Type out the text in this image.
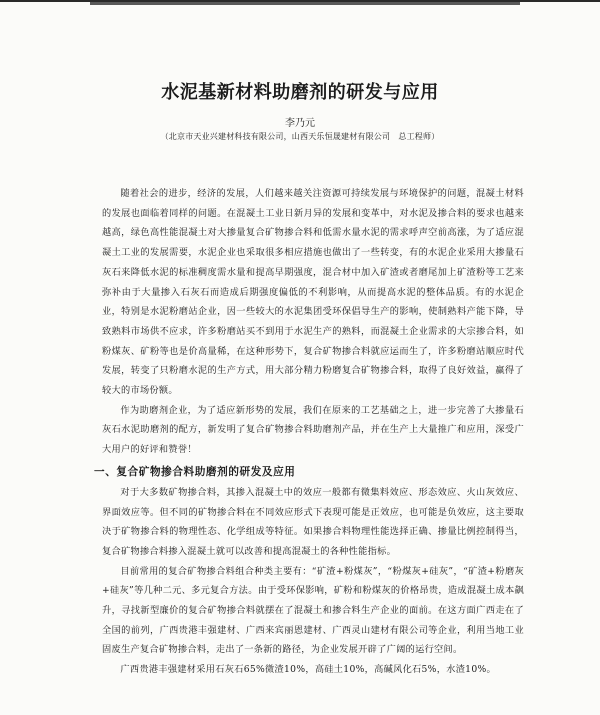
水泥基新材料助磨剂的研发与应用
李乃元
（北京市天业兴建材科技有限公司，山西天乐恒晟建材有限公司　总工程师）

随着社会的进步，经济的发展，人们越来越关注资源可持续发展与环境保护的问题，混凝土材料的发展也面临着同样的问题。在混凝土工业日新月异的发展和变革中，对水泥及掺合料的要求也越来越高，绿色高性能混凝土对大掺量复合矿物掺合料和低需水量水泥的需求呼声空前高涨，为了适应混凝土工业的发展需要，水泥企业也采取很多相应措施也做出了一些转变，有的水泥企业采用大掺量石灰石来降低水泥的标准稠度需水量和提高早期强度，混合材中加入矿渣或者磨尾加上矿渣粉等工艺来弥补由于大量掺入石灰石而造成后期强度偏低的不利影响，从而提高水泥的整体品质。有的水泥企业，特别是水泥粉磨站企业，因一些较大的水泥集团受环保倡导生产的影响，使制熟料产能下降，导致熟料市场供不应求，许多粉磨站买不到用于水泥生产的熟料，而混凝土企业需求的大宗掺合料，如粉煤灰、矿粉等也是价高量稀，在这种形势下，复合矿物掺合料就应运而生了，许多粉磨站顺应时代发展，转变了只粉磨水泥的生产方式，用大部分精力粉磨复合矿物掺合料，取得了良好效益，赢得了较大的市场份额。

作为助磨剂企业，为了适应新形势的发展，我们在原来的工艺基础之上，进一步完善了大掺量石灰石水泥助磨剂的配方，新发明了复合矿物掺合料助磨剂产品，并在生产上大量推广和应用，深受广大用户的好评和赞誉！

一、复合矿物掺合料助磨剂的研发及应用

对于大多数矿物掺合料，其掺入混凝土中的效应一般都有微集料效应、形态效应、火山灰效应、界面效应等。但不同的矿物掺合料在不同效应形式下表现可能是正效应，也可能是负效应，这主要取决于矿物掺合料的物理性态、化学组成等特征。如果掺合料物理性能选择正确、掺量比例控制得当，复合矿物掺合料掺入混凝土就可以改善和提高混凝土的各种性能指标。

目前常用的复合矿物掺合料组合种类主要有：“矿渣+粉煤灰”，“粉煤灰+硅灰”，“矿渣+粉磨灰+硅灰”等几种二元、多元复合方法。由于受环保影响，矿粉和粉煤灰的价格昂贵，造成混凝土成本飙升，寻找新型廉价的复合矿物掺合料就摆在了混凝土和掺合料生产企业的面前。在这方面广西走在了全国的前列，广西贵港丰强建材、广西来宾丽恩建材、广西灵山建材有限公司等企业，利用当地工业固废生产复合矿物掺合料，走出了一条新的路径，为企业发展开辟了广阔的运行空间。

广西贵港丰强建材采用石灰石65%微渣10%，高硅土10%，高碱风化石5%，水渣10%。
